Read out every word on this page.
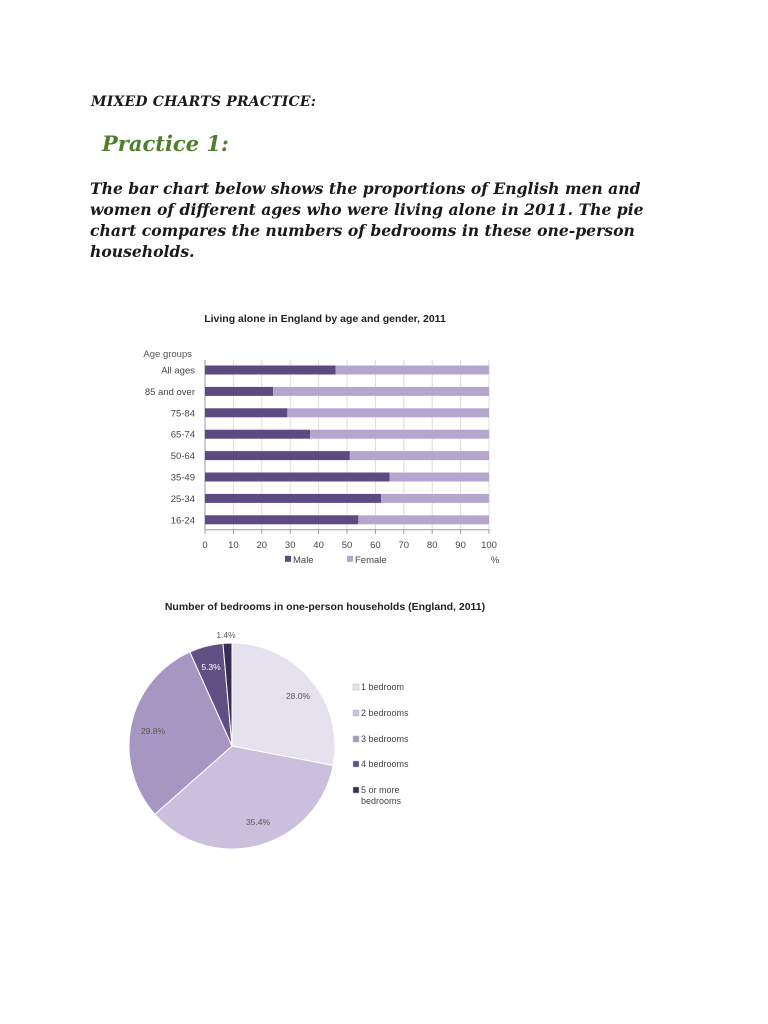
MIXED CHARTS PRACTICE:
Practice 1:
The bar chart below shows the proportions of English men and women of different ages who were living alone in 2011. The pie chart compares the numbers of bedrooms in these one-person households.
Living alone in England by age and gender, 2011
Age groups
0 10 20 30 40 50 60 70 80 90 100
%
All ages
85 and over
75-84
65-74
50-64
35-49
25-34
16-24
Male	Female
Number of bedrooms in one-person households (England, 2011)
28.0%
35.4%
29.8%
5.3%
1.4%
1 bedroom
2 bedrooms
3 bedrooms
4 bedrooms
5 or more bedrooms
